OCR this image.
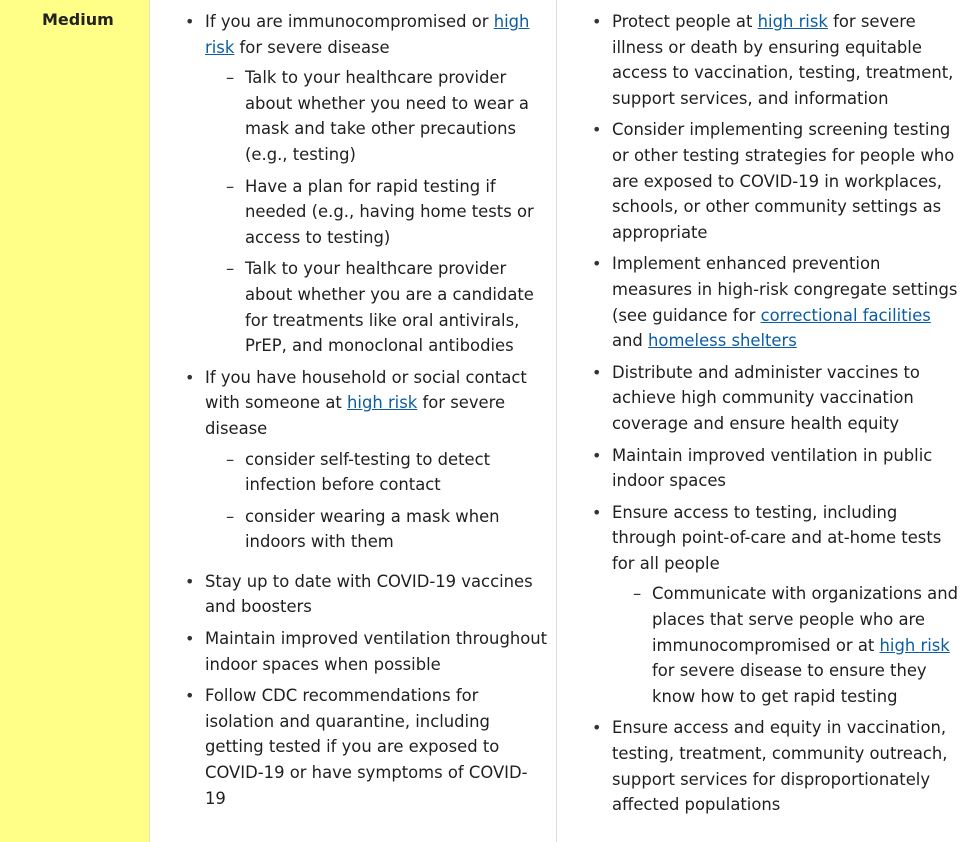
Medium	• If you are immunocompromised or high risk for severe disease
– Talk to your healthcare provider about whether you need to wear a mask and take other precautions (e.g., testing)
– Have a plan for rapid testing if needed (e.g., having home tests or access to testing)
– Talk to your healthcare provider about whether you are a candidate for treatments like oral antivirals, PrEP, and monoclonal antibodies
• If you have household or social contact with someone at high risk for severe disease
– consider self-testing to detect infection before contact
– consider wearing a mask when indoors with them
• Stay up to date with COVID-19 vaccines and boosters
• Maintain improved ventilation throughout indoor spaces when possible
• Follow CDC recommendations for isolation and quarantine, including getting tested if you are exposed to COVID-19 or have symptoms of COVID-19
• Protect people at high risk for severe illness or death by ensuring equitable access to vaccination, testing, treatment, support services, and information
• Consider implementing screening testing or other testing strategies for people who are exposed to COVID-19 in workplaces, schools, or other community settings as appropriate
• Implement enhanced prevention measures in high-risk congregate settings (see guidance for correctional facilities and homeless shelters
• Distribute and administer vaccines to achieve high community vaccination coverage and ensure health equity
• Maintain improved ventilation in public indoor spaces
• Ensure access to testing, including through point-of-care and at-home tests for all people
– Communicate with organizations and places that serve people who are immunocompromised or at high risk for severe disease to ensure they know how to get rapid testing
• Ensure access and equity in vaccination, testing, treatment, community outreach, support services for disproportionately affected populations
